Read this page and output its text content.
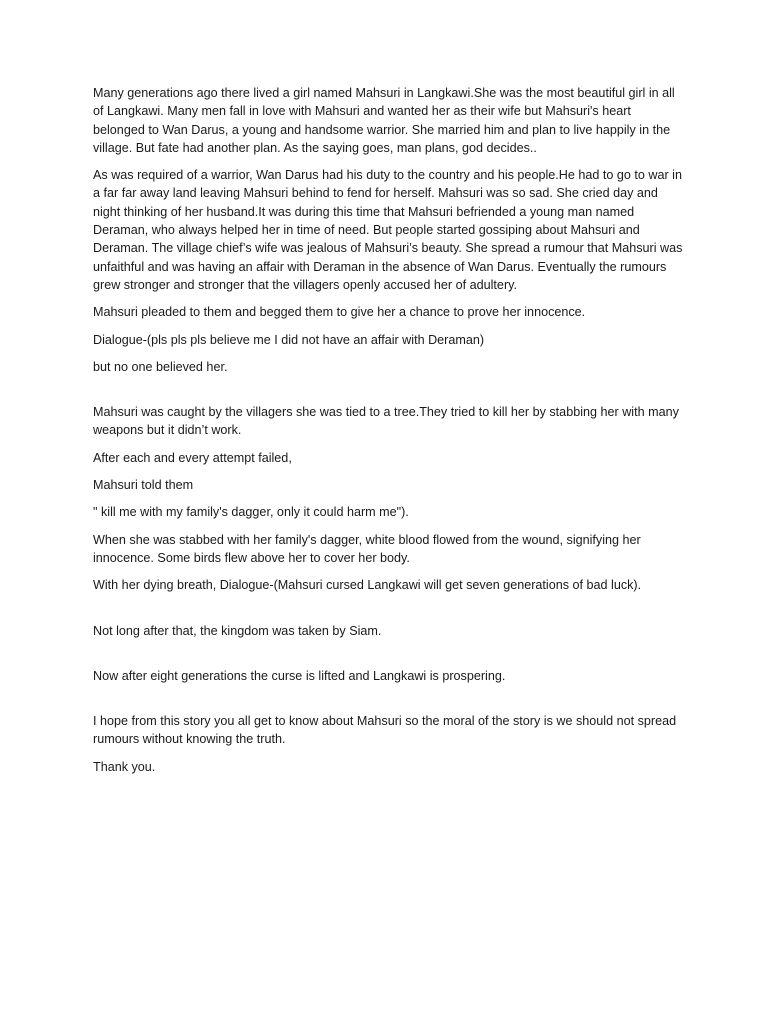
Many generations ago there lived a girl named Mahsuri in Langkawi.She was the most beautiful girl in all of Langkawi. Many men fall in love with Mahsuri and wanted her as their wife but Mahsuri's heart belonged to Wan Darus, a young and handsome warrior. She married him and plan to live happily in the village. But fate had another plan. As the saying goes, man plans, god decides..

As was required of a warrior, Wan Darus had his duty to the country and his people.He had to go to war in a far far away land leaving Mahsuri behind to fend for herself. Mahsuri was so sad. She cried day and night thinking of her husband.It was during this time that Mahsuri befriended a young man named Deraman, who always helped her in time of need. But people started gossiping about Mahsuri and Deraman. The village chief’s wife was jealous of Mahsuri’s beauty. She spread a rumour that Mahsuri was unfaithful and was having an affair with Deraman in the absence of Wan Darus. Eventually the rumours grew stronger and stronger that the villagers openly accused her of adultery.

Mahsuri pleaded to them and begged them to give her a chance to prove her innocence.

Dialogue-(pls pls pls believe me I did not have an affair with Deraman)

but no one believed her.

Mahsuri was caught by the villagers she was tied to a tree.They tried to kill her by stabbing her with many weapons but it didn’t work.

After each and every attempt failed,

Mahsuri told them

" kill me with my family's dagger, only it could harm me").

When she was stabbed with her family's dagger, white blood flowed from the wound, signifying her innocence. Some birds flew above her to cover her body.

With her dying breath, Dialogue-(Mahsuri cursed Langkawi will get seven generations of bad luck).

Not long after that, the kingdom was taken by Siam.

Now after eight generations the curse is lifted and Langkawi is prospering.

I hope from this story you all get to know about Mahsuri so the moral of the story is we should not spread rumours without knowing the truth.

Thank you.
